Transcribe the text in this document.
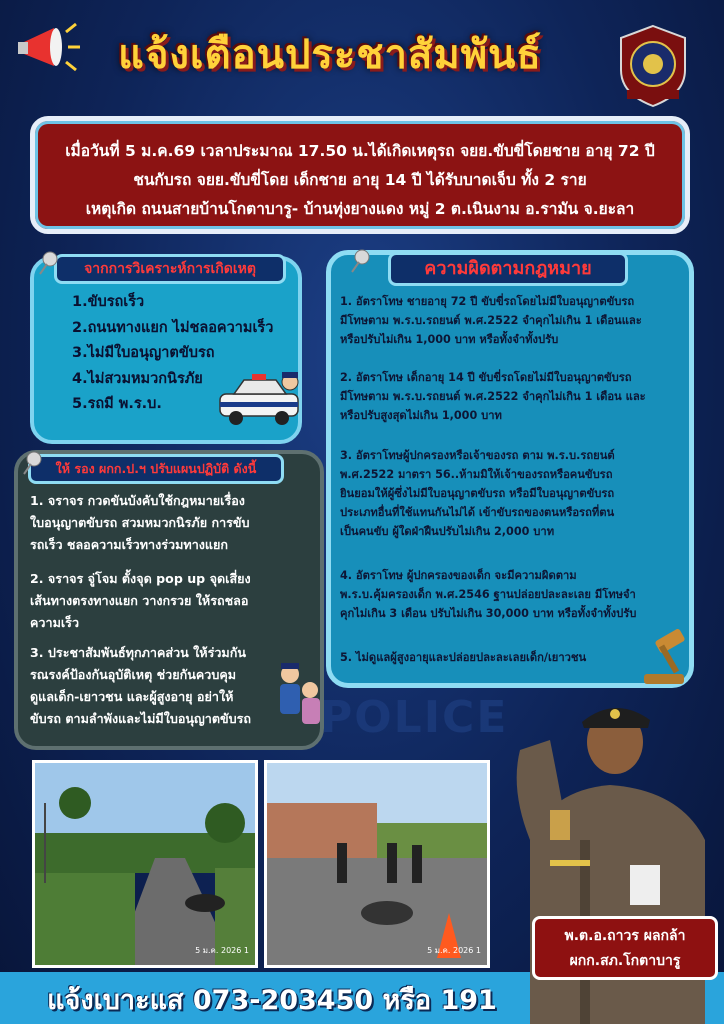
แจ้งเตือนประชาสัมพันธ์
เมื่อวันที่ 5 ม.ค.69 เวลาประมาณ 17.50 น.ได้เกิดเหตุรถ จยย.ขับขี่โดยชาย อายุ 72 ปี
ชนกับรถ จยย.ขับขี่โดย เด็กชาย อายุ 14 ปี ได้รับบาดเจ็บ ทั้ง 2 ราย
เหตุเกิด ถนนสายบ้านโกตาบารู- บ้านทุ่งยางแดง หมู่ 2 ต.เนินงาม อ.รามัน จ.ยะลา
จากการวิเคราะห์การเกิดเหตุ
1.ขับรถเร็ว
2.ถนนทางแยก ไม่ชลอความเร็ว
3.ไม่มีใบอนุญาตขับรถ
4.ไม่สวมหมวกนิรภัย
5.รถมี พ.ร.บ.
ความผิดตามกฎหมาย
1. อัตราโทษ ชายอายุ 72 ปี ขับขี่รถโดยไม่มีใบอนุญาตขับรถ
มีโทษตาม พ.ร.บ.รถยนต์ พ.ศ.2522 จำคุกไม่เกิน 1 เดือนและ
หรือปรับไม่เกิน 1,000 บาท หรือทั้งจำทั้งปรับ
2. อัตราโทษ เด็กอายุ 14 ปี ขับขี่รถโดยไม่มีใบอนุญาตขับรถ
มีโทษตาม พ.ร.บ.รถยนต์ พ.ศ.2522 จำคุกไม่เกิน 1 เดือน และ
หรือปรับสูงสุดไม่เกิน 1,000 บาท
3. อัตราโทษผู้ปกครองหรือเจ้าของรถ ตาม พ.ร.บ.รถยนต์
พ.ศ.2522 มาตรา 56..ห้ามมิให้เจ้าของรถหรือคนขับรถ
ยินยอมให้ผู้ซึ่งไม่มีใบอนุญาตขับรถ หรือมีใบอนุญาตขับรถ
ประเภทอื่นที่ใช้แทนกันไม่ได้ เข้าขับรถของตนหรือรถที่ตน
เป็นคนขับ ผู้ใดฝ่าฝืนปรับไม่เกิน 2,000 บาท
4. อัตราโทษ ผู้ปกครองของเด็ก จะมีความผิดตาม
พ.ร.บ.คุ้มครองเด็ก พ.ศ.2546 ฐานปล่อยปละละเลย มีโทษจำ
คุกไม่เกิน 3 เดือน ปรับไม่เกิน 30,000 บาท หรือทั้งจำทั้งปรับ
5. ไม่ดูแลผู้สูงอายุและปล่อยปละละเลยเด็ก/เยาวชน
ให้ รอง ผกก.ป.ฯ ปรับแผนปฏิบัติ ดังนี้
1. จราจร กวดขันบังคับใช้กฎหมายเรื่อง
ใบอนุญาตขับรถ สวมหมวกนิรภัย การขับ
รถเร็ว ชลอความเร็วทางร่วมทางแยก
2. จราจร จู่โจม ตั้งจุด pop up จุดเสี่ยง
เส้นทางตรงทางแยก วางกรวย ให้รถชลอ
ความเร็ว
3. ประชาสัมพันธ์ทุกภาคส่วน ให้ร่วมกัน
รณรงค์ป้องกันอุบัติเหตุ ช่วยกันควบคุม
ดูแลเด็ก-เยาวชน และผู้สูงอายุ อย่าให้
ขับรถ ตามลำพังและไม่มีใบอนุญาตขับรถ	POLICE
5 ม.ค. 2026 1	5 ม.ค. 2026 1
แจ้งเบาะแส 073-203450 หรือ 191
พ.ต.อ.ถาวร ผลกล้า
ผกก.สภ.โกตาบารู
